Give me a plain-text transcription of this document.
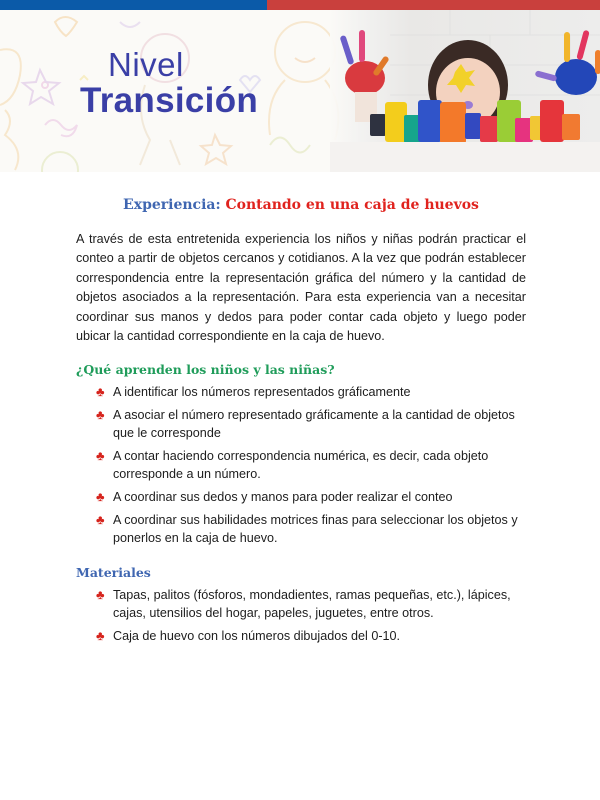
Nivel
Transición
Experiencia: Contando en una caja de huevos

A través de esta entretenida experiencia los niños y niñas podrán practicar el conteo a partir de objetos cercanos y cotidianos. A la vez que podrán establecer correspondencia entre la representación gráfica del número y la cantidad de objetos asociados a la representación. Para esta experiencia van a necesitar coordinar sus manos y dedos para poder contar cada objeto y luego poder ubicar la cantidad correspondiente en la caja de huevo.

¿Qué aprenden los niños y las niñas?
♣ A identificar los números representados gráficamente
♣ A asociar el número representado gráficamente a la cantidad de objetos que le corresponde
♣ A contar haciendo correspondencia numérica, es decir, cada objeto corresponde a un número.
♣ A coordinar sus dedos y manos para poder realizar el conteo
♣ A coordinar sus habilidades motrices finas para seleccionar los objetos y ponerlos en la caja de huevo.
Materiales
♣ Tapas, palitos (fósforos, mondadientes, ramas pequeñas, etc.), lápices, cajas, utensilios del hogar, papeles, juguetes, entre otros.
♣ Caja de huevo con los números dibujados del 0-10.
